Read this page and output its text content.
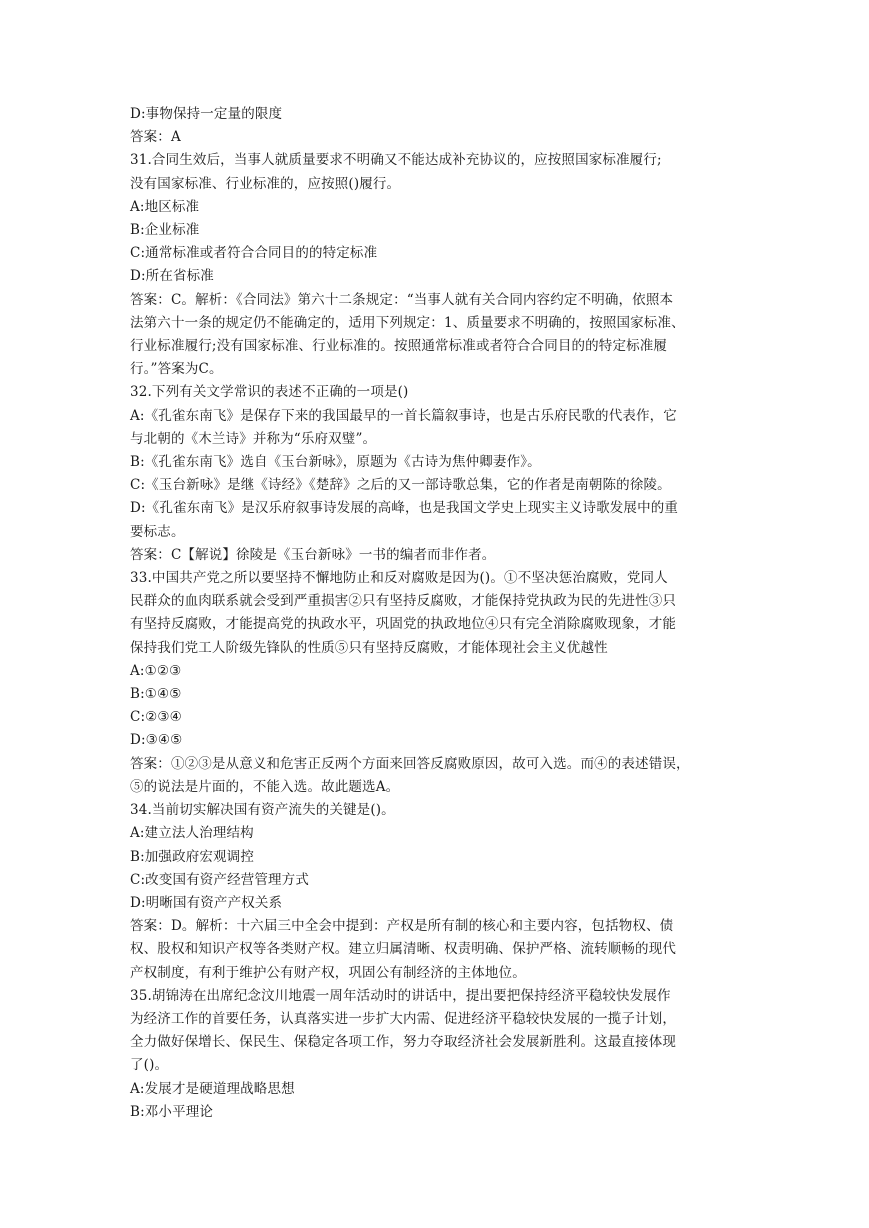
D:事物保持一定量的限度

答案：A

31.合同生效后，当事人就质量要求不明确又不能达成补充协议的，应按照国家标准履行;

没有国家标准、行业标准的，应按照()履行。

A:地区标准

B:企业标准

C:通常标准或者符合合同目的的特定标准

D:所在省标准

答案：C。解析：《合同法》第六十二条规定：“当事人就有关合同内容约定不明确，依照本

法第六十一条的规定仍不能确定的，适用下列规定：1、质量要求不明确的，按照国家标准、

行业标准履行;没有国家标准、行业标准的。按照通常标准或者符合合同目的的特定标准履

行。”答案为C。

32.下列有关文学常识的表述不正确的一项是()

A:《孔雀东南飞》是保存下来的我国最早的一首长篇叙事诗，也是古乐府民歌的代表作，它

与北朝的《木兰诗》并称为“乐府双璧”。

B:《孔雀东南飞》选自《玉台新咏》，原题为《古诗为焦仲卿妻作》。

C:《玉台新咏》是继《诗经》《楚辞》之后的又一部诗歌总集，它的作者是南朝陈的徐陵。

D:《孔雀东南飞》是汉乐府叙事诗发展的高峰，也是我国文学史上现实主义诗歌发展中的重

要标志。

答案：C【解说】徐陵是《玉台新咏》一书的编者而非作者。

33.中国共产党之所以要坚持不懈地防止和反对腐败是因为()。①不坚决惩治腐败，党同人

民群众的血肉联系就会受到严重损害②只有坚持反腐败，才能保持党执政为民的先进性③只

有坚持反腐败，才能提高党的执政水平，巩固党的执政地位④只有完全消除腐败现象，才能

保持我们党工人阶级先锋队的性质⑤只有坚持反腐败，才能体现社会主义优越性

A:①②③

B:①④⑤

C:②③④

D:③④⑤

答案：①②③是从意义和危害正反两个方面来回答反腐败原因，故可入选。而④的表述错误，

⑤的说法是片面的，不能入选。故此题选A。

34.当前切实解决国有资产流失的关键是()。

A:建立法人治理结构

B:加强政府宏观调控

C:改变国有资产经营管理方式

D:明晰国有资产产权关系

答案：D。解析：十六届三中全会中提到：产权是所有制的核心和主要内容，包括物权、债

权、股权和知识产权等各类财产权。建立归属清晰、权责明确、保护严格、流转顺畅的现代

产权制度，有利于维护公有财产权，巩固公有制经济的主体地位。

35.胡锦涛在出席纪念汶川地震一周年活动时的讲话中，提出要把保持经济平稳较快发展作

为经济工作的首要任务，认真落实进一步扩大内需、促进经济平稳较快发展的一揽子计划，

全力做好保增长、保民生、保稳定各项工作，努力夺取经济社会发展新胜利。这最直接体现

了()。

A:发展才是硬道理战略思想

B:邓小平理论
